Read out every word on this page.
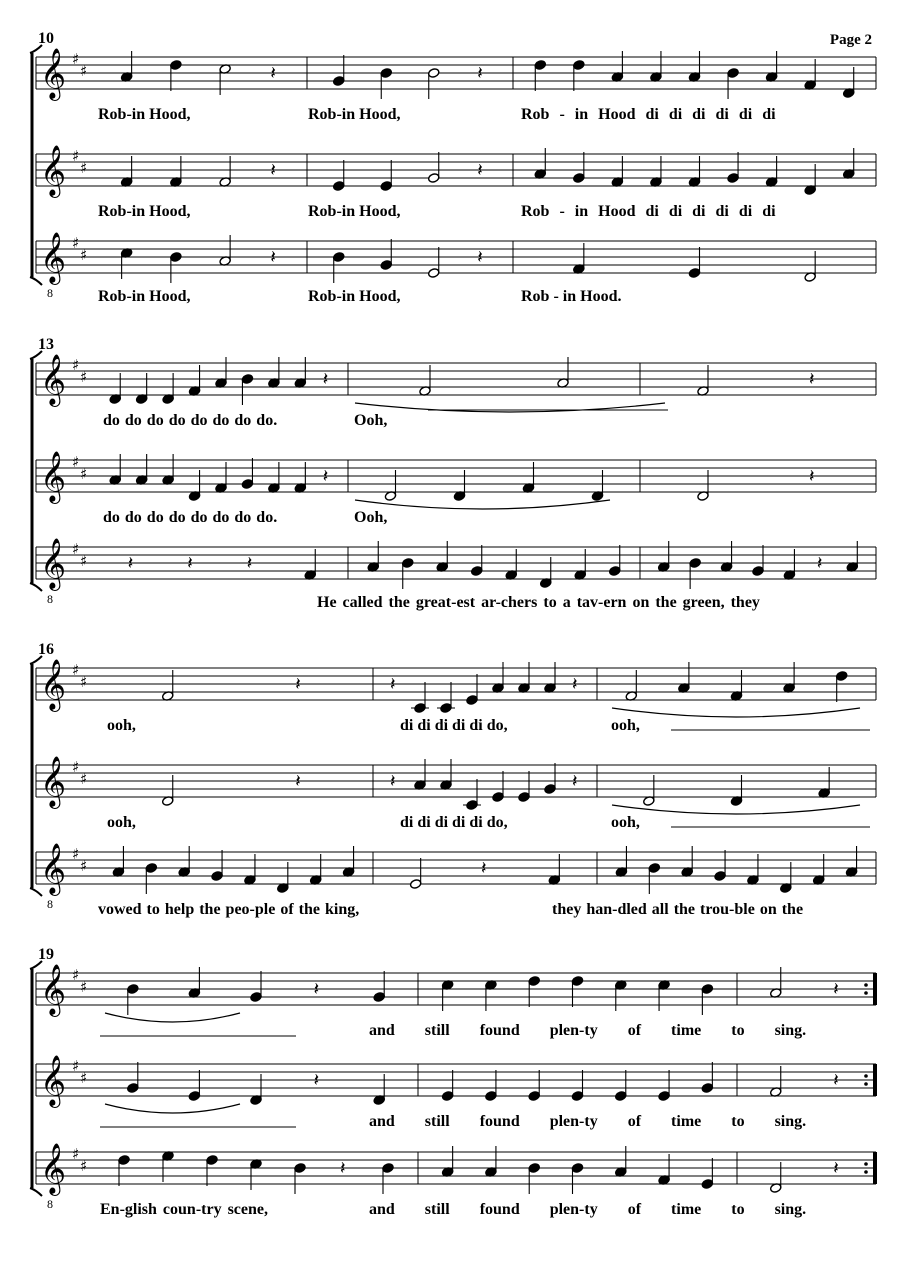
Page 2
𝄞 ♯
♯
𝄞 ♯
♯
𝄞
8
♯
♯
𝄞 ♯
♯
𝄞 ♯
♯
𝄞
8
♯
♯
𝄞 ♯
♯
𝄞 ♯
♯
𝄞
8
♯
♯
𝄞 ♯
♯
𝄞 ♯
♯
𝄞
8
♯
♯
𝄽	𝄽
𝄽	𝄽
𝄽	𝄽
𝄽	𝄽
𝄽	𝄽
𝄽	𝄽	𝄽	𝄽
𝄽	𝄽	𝄽
𝄽	𝄽	𝄽
𝄽
𝄽	𝄽
𝄽	𝄽
𝄽	𝄽
10
13
16
19
Rob-in Hood,	Rob-in Hood,	Rob - in Hood di di di di di di
Rob-in Hood,	Rob-in Hood,	Rob - in Hood di di di di di di
Rob-in Hood,	Rob-in Hood,	Rob - in Hood.
do do do do do do do do.	Ooh,
do do do do do do do do.	Ooh,
He called the great-est ar-chers to a tav-ern on the green, they
ooh,	di di di di di do,	ooh,
ooh,	di di di di di do,	ooh,
vowed to help the peo-ple of the king,	they han-dled all the trou-ble on the
and still found plen-ty of time to sing.
and still found plen-ty of time to sing.
En-glish coun-try scene,	and still found plen-ty of time to sing.
